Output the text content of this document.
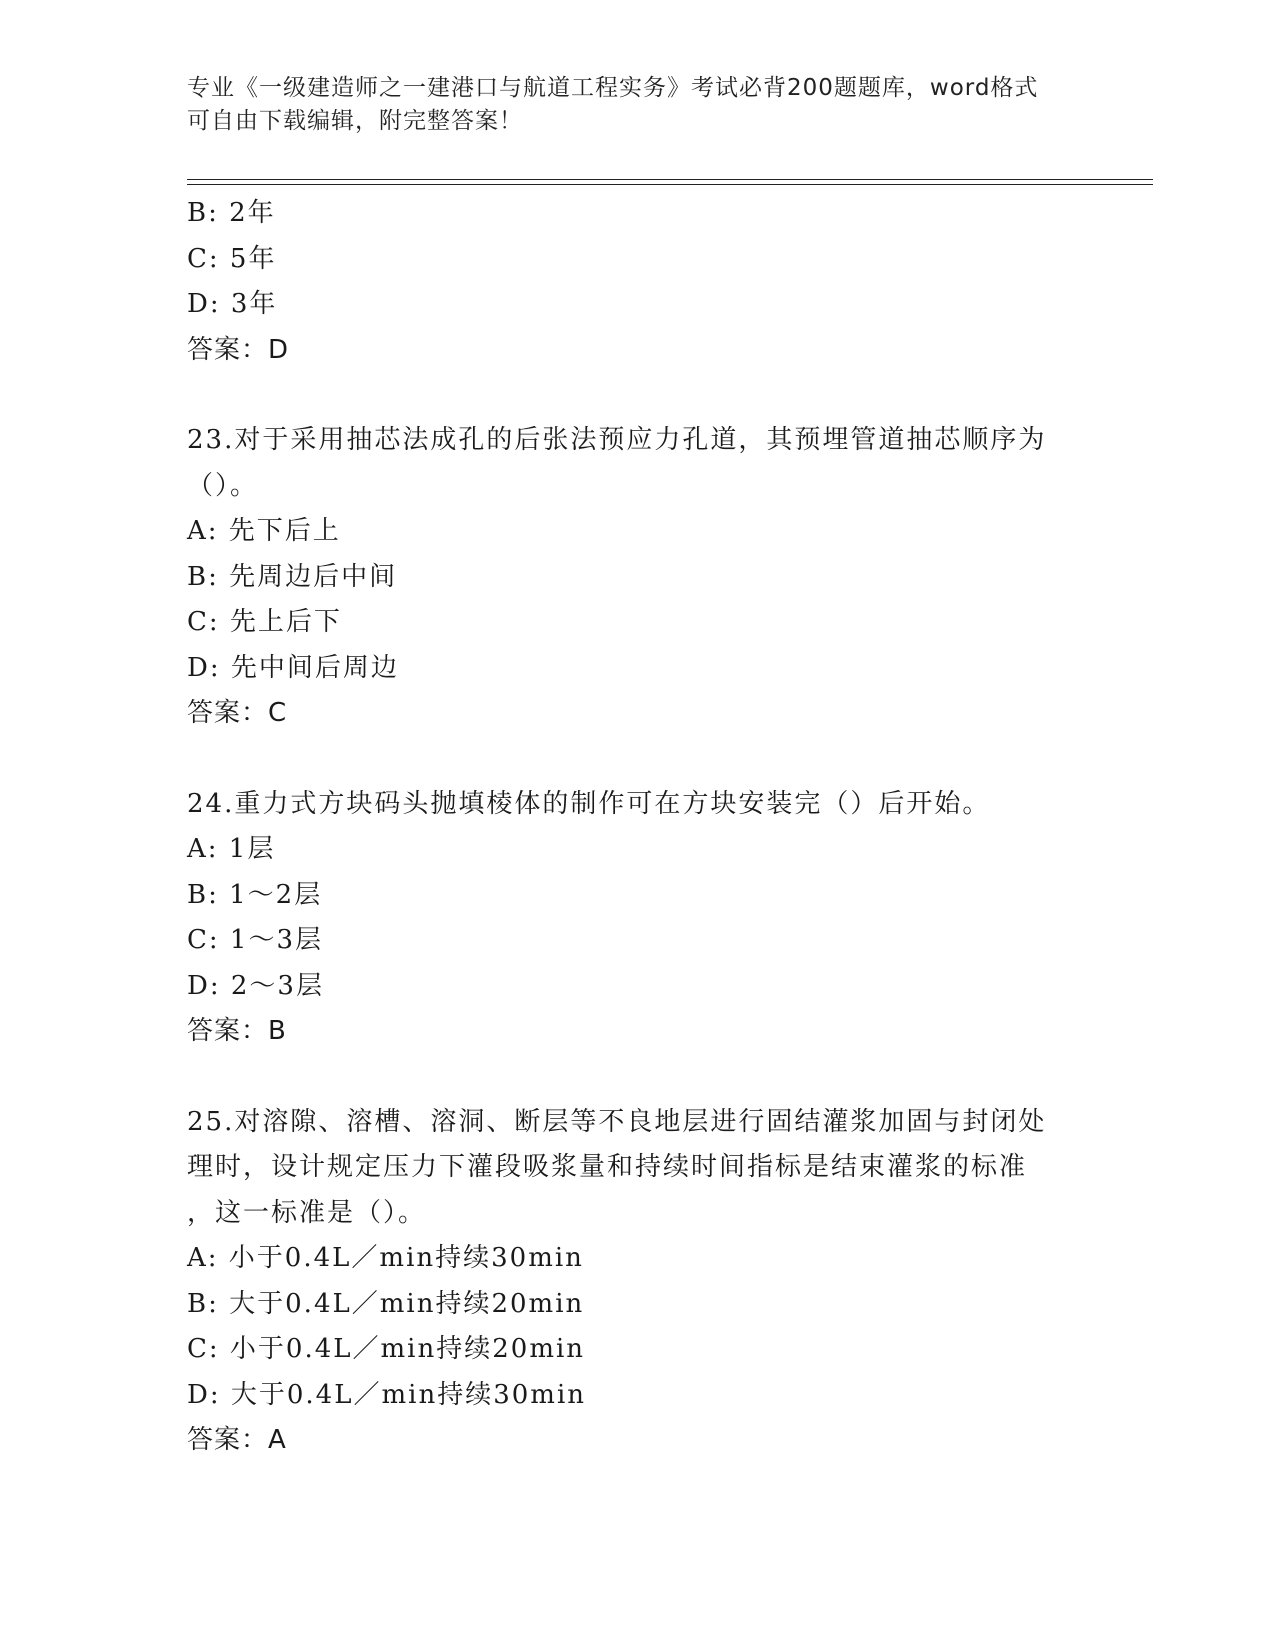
专业《一级建造师之一建港口与航道工程实务》考试必背200题题库，word格式
可自由下载编辑，附完整答案！
B: 2年
C: 5年
D: 3年
答案：D
23.对于采用抽芯法成孔的后张法预应力孔道，其预埋管道抽芯顺序为
（）。
A: 先下后上
B: 先周边后中间
C: 先上后下
D: 先中间后周边
答案：C
24.重力式方块码头抛填棱体的制作可在方块安装完（）后开始。
A: 1层
B: 1～2层
C: 1～3层
D: 2～3层
答案：B
25.对溶隙、溶槽、溶洞、断层等不良地层进行固结灌浆加固与封闭处
理时，设计规定压力下灌段吸浆量和持续时间指标是结束灌浆的标准
，这一标准是（）。
A: 小于0.4L／min持续30min
B: 大于0.4L／min持续20min
C: 小于0.4L／min持续20min
D: 大于0.4L／min持续30min
答案：A
